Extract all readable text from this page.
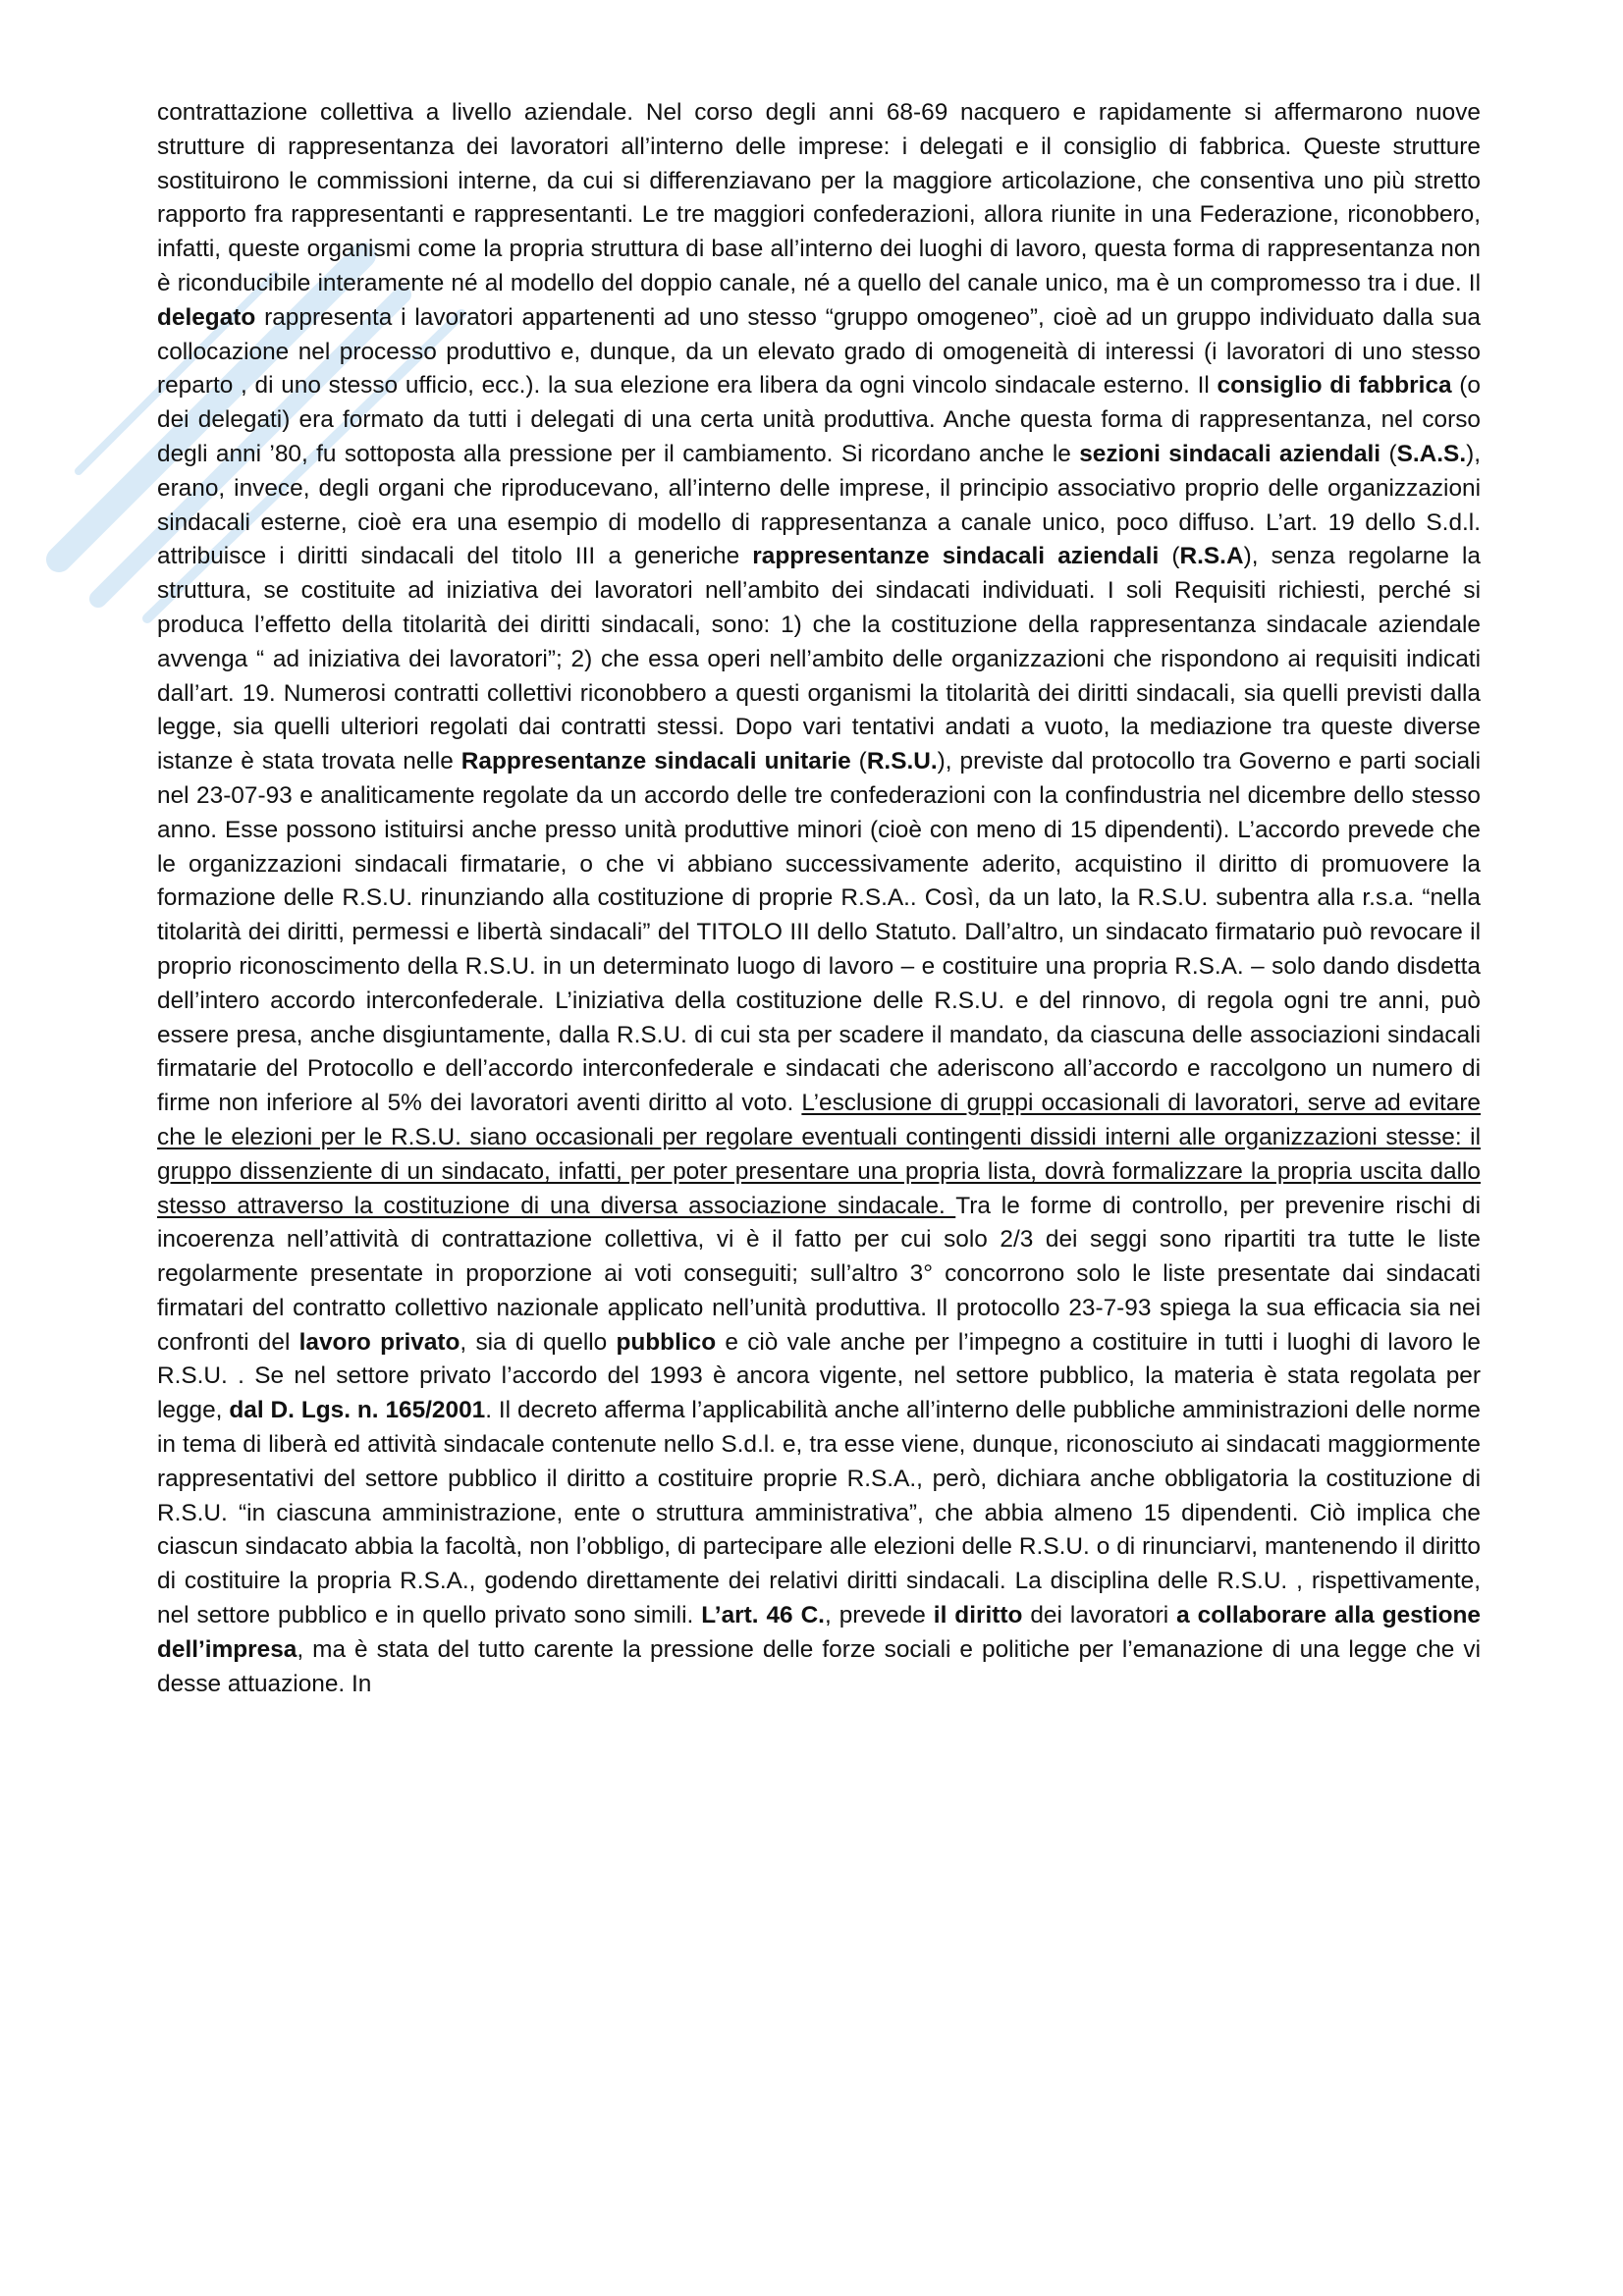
contrattazione collettiva a livello aziendale. Nel corso degli anni 68-69 nacquero e rapidamente si affermarono nuove strutture di rappresentanza dei lavoratori all’interno delle imprese: i delegati e il consiglio di fabbrica. Queste strutture sostituirono le commissioni interne, da cui si differenziavano per la maggiore articolazione, che consentiva uno più stretto rapporto fra rappresentanti e rappresentanti. Le tre maggiori confederazioni, allora riunite in una Federazione, riconobbero, infatti, queste organismi come la propria struttura di base all’interno dei luoghi di lavoro, questa forma di rappresentanza non è riconducibile interamente né al modello del doppio canale, né a quello del canale unico, ma è un compromesso tra i due. Il delegato rappresenta i lavoratori appartenenti ad uno stesso “gruppo omogeneo”, cioè ad un gruppo individuato dalla sua collocazione nel processo produttivo e, dunque, da un elevato grado di omogeneità di interessi (i lavoratori di uno stesso reparto , di uno stesso ufficio, ecc.). la sua elezione era libera da ogni vincolo sindacale esterno. Il consiglio di fabbrica (o dei delegati) era formato da tutti i delegati di una certa unità produttiva. Anche questa forma di rappresentanza, nel corso degli anni ’80, fu sottoposta alla pressione per il cambiamento. Si ricordano anche le sezioni sindacali aziendali (S.A.S.), erano, invece, degli organi che riproducevano, all’interno delle imprese, il principio associativo proprio delle organizzazioni sindacali esterne, cioè era una esempio di modello di rappresentanza a canale unico, poco diffuso. L’art. 19 dello S.d.l. attribuisce i diritti sindacali del titolo III a generiche rappresentanze sindacali aziendali (R.S.A), senza regolarne la struttura, se costituite ad iniziativa dei lavoratori nell’ambito dei sindacati individuati. I soli Requisiti richiesti, perché si produca l’effetto della titolarità dei diritti sindacali, sono: 1) che la costituzione della rappresentanza sindacale aziendale avvenga “ ad iniziativa dei lavoratori”; 2) che essa operi nell’ambito delle organizzazioni che rispondono ai requisiti indicati dall’art. 19. Numerosi contratti collettivi riconobbero a questi organismi la titolarità dei diritti sindacali, sia quelli previsti dalla legge, sia quelli ulteriori regolati dai contratti stessi. Dopo vari tentativi andati a vuoto, la mediazione tra queste diverse istanze è stata trovata nelle Rappresentanze sindacali unitarie (R.S.U.), previste dal protocollo tra Governo e parti sociali nel 23-07-93 e analiticamente regolate da un accordo delle tre confederazioni con la confindustria nel dicembre dello stesso anno. Esse possono istituirsi anche presso unità produttive minori (cioè con meno di 15 dipendenti). L’accordo prevede che le organizzazioni sindacali firmatarie, o che vi abbiano successivamente aderito, acquistino il diritto di promuovere la formazione delle R.S.U. rinunziando alla costituzione di proprie R.S.A.. Così, da un lato, la R.S.U. subentra alla r.s.a. “nella titolarità dei diritti, permessi e libertà sindacali” del TITOLO III dello Statuto. Dall’altro, un sindacato firmatario può revocare il proprio riconoscimento della R.S.U. in un determinato luogo di lavoro – e costituire una propria R.S.A. – solo dando disdetta dell’intero accordo interconfederale. L’iniziativa della costituzione delle R.S.U. e del rinnovo, di regola ogni tre anni, può essere presa, anche disgiuntamente, dalla R.S.U. di cui sta per scadere il mandato, da ciascuna delle associazioni sindacali firmatarie del Protocollo e dell’accordo interconfederale e sindacati che aderiscono all’accordo e raccolgono un numero di firme non inferiore al 5% dei lavoratori aventi diritto al voto. L’esclusione di gruppi occasionali di lavoratori, serve ad evitare che le elezioni per le R.S.U. siano occasionali per regolare eventuali contingenti dissidi interni alle organizzazioni stesse: il gruppo dissenziente di un sindacato, infatti, per poter presentare una propria lista, dovrà formalizzare la propria uscita dallo stesso attraverso la costituzione di una diversa associazione sindacale. Tra le forme di controllo, per prevenire rischi di incoerenza nell’attività di contrattazione collettiva, vi è il fatto per cui solo 2/3 dei seggi sono ripartiti tra tutte le liste regolarmente presentate in proporzione ai voti conseguiti; sull’altro 3° concorrono solo le liste presentate dai sindacati firmatari del contratto collettivo nazionale applicato nell’unità produttiva. Il protocollo 23-7-93 spiega la sua efficacia sia nei confronti del lavoro privato, sia di quello pubblico e ciò vale anche per l’impegno a costituire in tutti i luoghi di lavoro le R.S.U. . Se nel settore privato l’accordo del 1993 è ancora vigente, nel settore pubblico, la materia è stata regolata per legge, dal D. Lgs. n. 165/2001. Il decreto afferma l’applicabilità anche all’interno delle pubbliche amministrazioni delle norme in tema di liberà ed attività sindacale contenute nello S.d.l. e, tra esse viene, dunque, riconosciuto ai sindacati maggiormente rappresentativi del settore pubblico il diritto a costituire proprie R.S.A., però, dichiara anche obbligatoria la costituzione di R.S.U. “in ciascuna amministrazione, ente o struttura amministrativa”, che abbia almeno 15 dipendenti. Ciò implica che ciascun sindacato abbia la facoltà, non l’obbligo, di partecipare alle elezioni delle R.S.U. o di rinunciarvi, mantenendo il diritto di costituire la propria R.S.A., godendo direttamente dei relativi diritti sindacali. La disciplina delle R.S.U. , rispettivamente, nel settore pubblico e in quello privato sono simili. L’art. 46 C., prevede il diritto dei lavoratori a collaborare alla gestione dell’impresa, ma è stata del tutto carente la pressione delle forze sociali e politiche per l’emanazione di una legge che vi desse attuazione. In
